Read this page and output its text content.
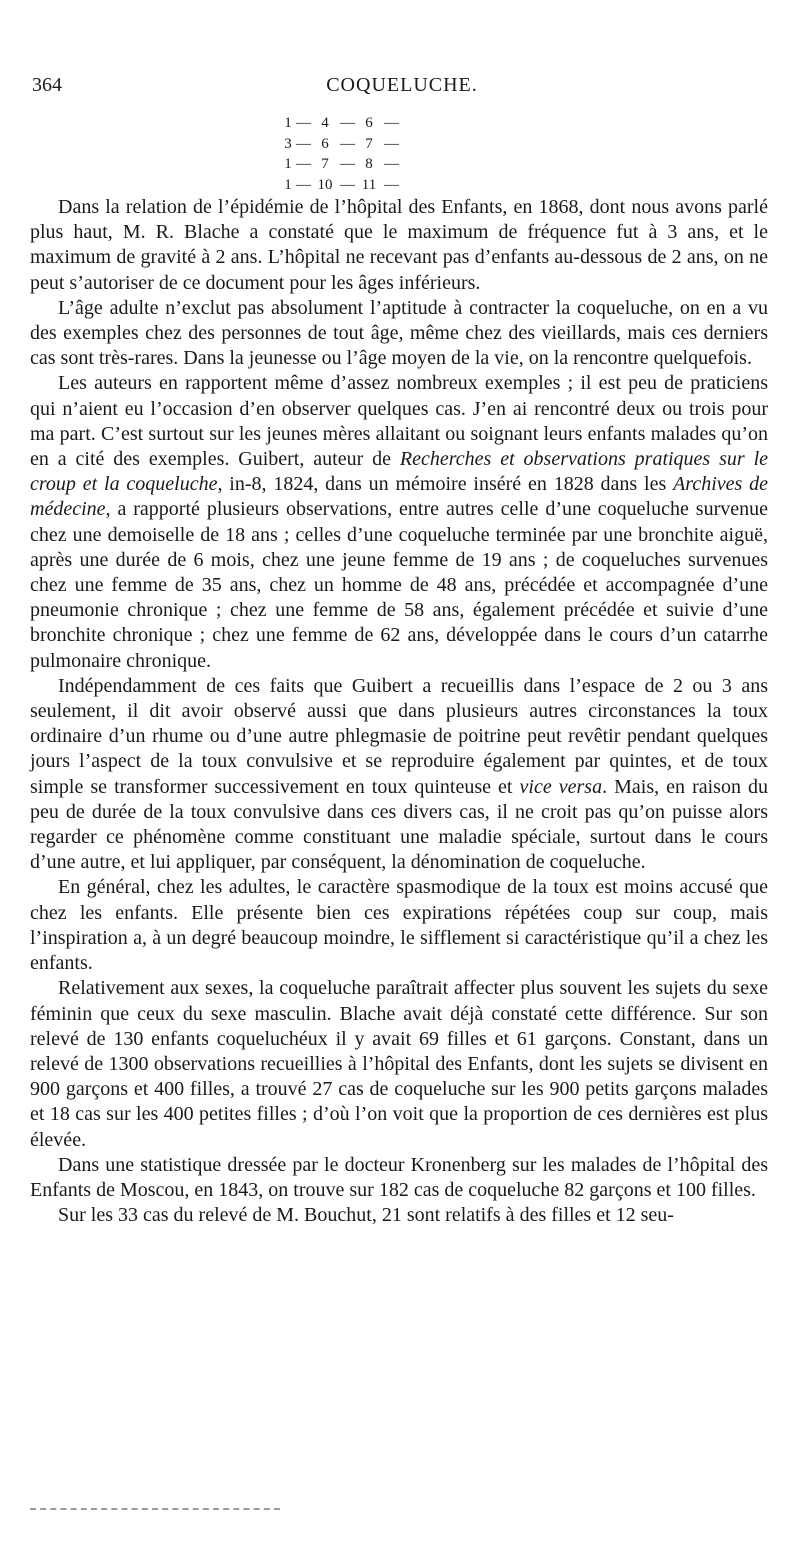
364	COQUELUCHE.
1 — 4 — 6 —
3 — 6 — 7 —
1 — 7 — 8 —
1 — 10 — 11 —

Dans la relation de l’épidémie de l’hôpital des Enfants, en 1868, dont nous avons parlé plus haut, M. R. Blache a constaté que le maximum de fréquence fut à 3 ans, et le maximum de gravité à 2 ans. L’hôpital ne recevant pas d’enfants au-dessous de 2 ans, on ne peut s’autoriser de ce document pour les âges inférieurs.

L’âge adulte n’exclut pas absolument l’aptitude à contracter la coqueluche, on en a vu des exemples chez des personnes de tout âge, même chez des vieillards, mais ces derniers cas sont très-rares. Dans la jeunesse ou l’âge moyen de la vie, on la rencontre quelquefois.

Les auteurs en rapportent même d’assez nombreux exemples ; il est peu de praticiens qui n’aient eu l’occasion d’en observer quelques cas. J’en ai rencontré deux ou trois pour ma part. C’est surtout sur les jeunes mères allaitant ou soignant leurs enfants malades qu’on en a cité des exemples. Guibert, auteur de Recherches et observations pratiques sur le croup et la coqueluche, in-8, 1824, dans un mémoire inséré en 1828 dans les Archives de médecine, a rapporté plusieurs observations, entre autres celle d’une coqueluche survenue chez une demoiselle de 18 ans ; celles d’une coqueluche terminée par une bronchite aiguë, après une durée de 6 mois, chez une jeune femme de 19 ans ; de coqueluches survenues chez une femme de 35 ans, chez un homme de 48 ans, précédée et accompagnée d’une pneumonie chronique ; chez une femme de 58 ans, également précédée et suivie d’une bronchite chronique ; chez une femme de 62 ans, développée dans le cours d’un catarrhe pulmonaire chronique.

Indépendamment de ces faits que Guibert a recueillis dans l’espace de 2 ou 3 ans seulement, il dit avoir observé aussi que dans plusieurs autres circonstances la toux ordinaire d’un rhume ou d’une autre phlegmasie de poitrine peut revêtir pendant quelques jours l’aspect de la toux convulsive et se reproduire également par quintes, et de toux simple se transformer successivement en toux quinteuse et vice versa. Mais, en raison du peu de durée de la toux convulsive dans ces divers cas, il ne croit pas qu’on puisse alors regarder ce phénomène comme constituant une maladie spéciale, surtout dans le cours d’une autre, et lui appliquer, par conséquent, la dénomination de coqueluche.

En général, chez les adultes, le caractère spasmodique de la toux est moins accusé que chez les enfants. Elle présente bien ces expirations répétées coup sur coup, mais l’inspiration a, à un degré beaucoup moindre, le sifflement si caractéristique qu’il a chez les enfants.

Relativement aux sexes, la coqueluche paraîtrait affecter plus souvent les sujets du sexe féminin que ceux du sexe masculin. Blache avait déjà constaté cette différence. Sur son relevé de 130 enfants coqueluchéux il y avait 69 filles et 61 garçons. Constant, dans un relevé de 1300 observations recueillies à l’hôpital des Enfants, dont les sujets se divisent en 900 garçons et 400 filles, a trouvé 27 cas de coqueluche sur les 900 petits garçons malades et 18 cas sur les 400 petites filles ; d’où l’on voit que la proportion de ces dernières est plus élevée.

Dans une statistique dressée par le docteur Kronenberg sur les malades de l’hôpital des Enfants de Moscou, en 1843, on trouve sur 182 cas de coqueluche 82 garçons et 100 filles.

Sur les 33 cas du relevé de M. Bouchut, 21 sont relatifs à des filles et 12 seu-
